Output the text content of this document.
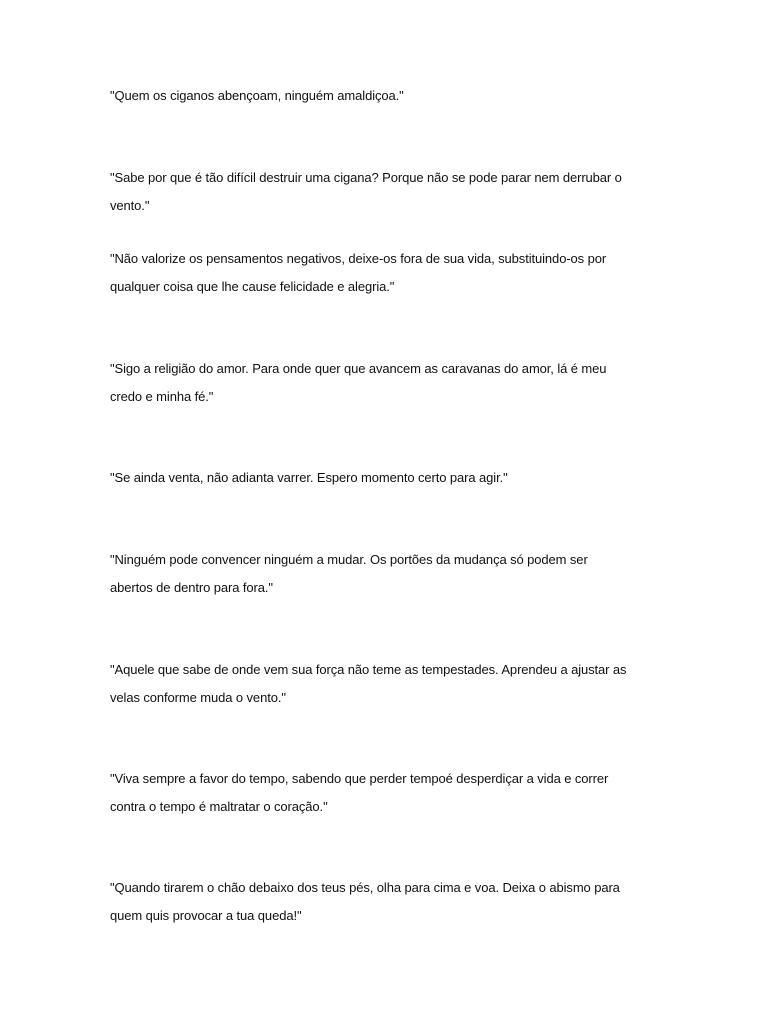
"Quem os ciganos abençoam, ninguém amaldiçoa."

"Sabe por que é tão difícil destruir uma cigana? Porque não se pode parar nem derrubar o
vento."

"Não valorize os pensamentos negativos, deixe-os fora de sua vida, substituindo-os por
qualquer coisa que lhe cause felicidade e alegria."

"Sigo a religião do amor. Para onde quer que avancem as caravanas do amor, lá é meu
credo e minha fé."

"Se ainda venta, não adianta varrer. Espero momento certo para agir."

"Ninguém pode convencer ninguém a mudar. Os portões da mudança só podem ser
abertos de dentro para fora."

"Aquele que sabe de onde vem sua força não teme as tempestades. Aprendeu a ajustar as
velas conforme muda o vento."

"Viva sempre a favor do tempo, sabendo que perder tempoé desperdiçar a vida e correr
contra o tempo é maltratar o coração."

"Quando tirarem o chão debaixo dos teus pés, olha para cima e voa. Deixa o abismo para
quem quis provocar a tua queda!"
